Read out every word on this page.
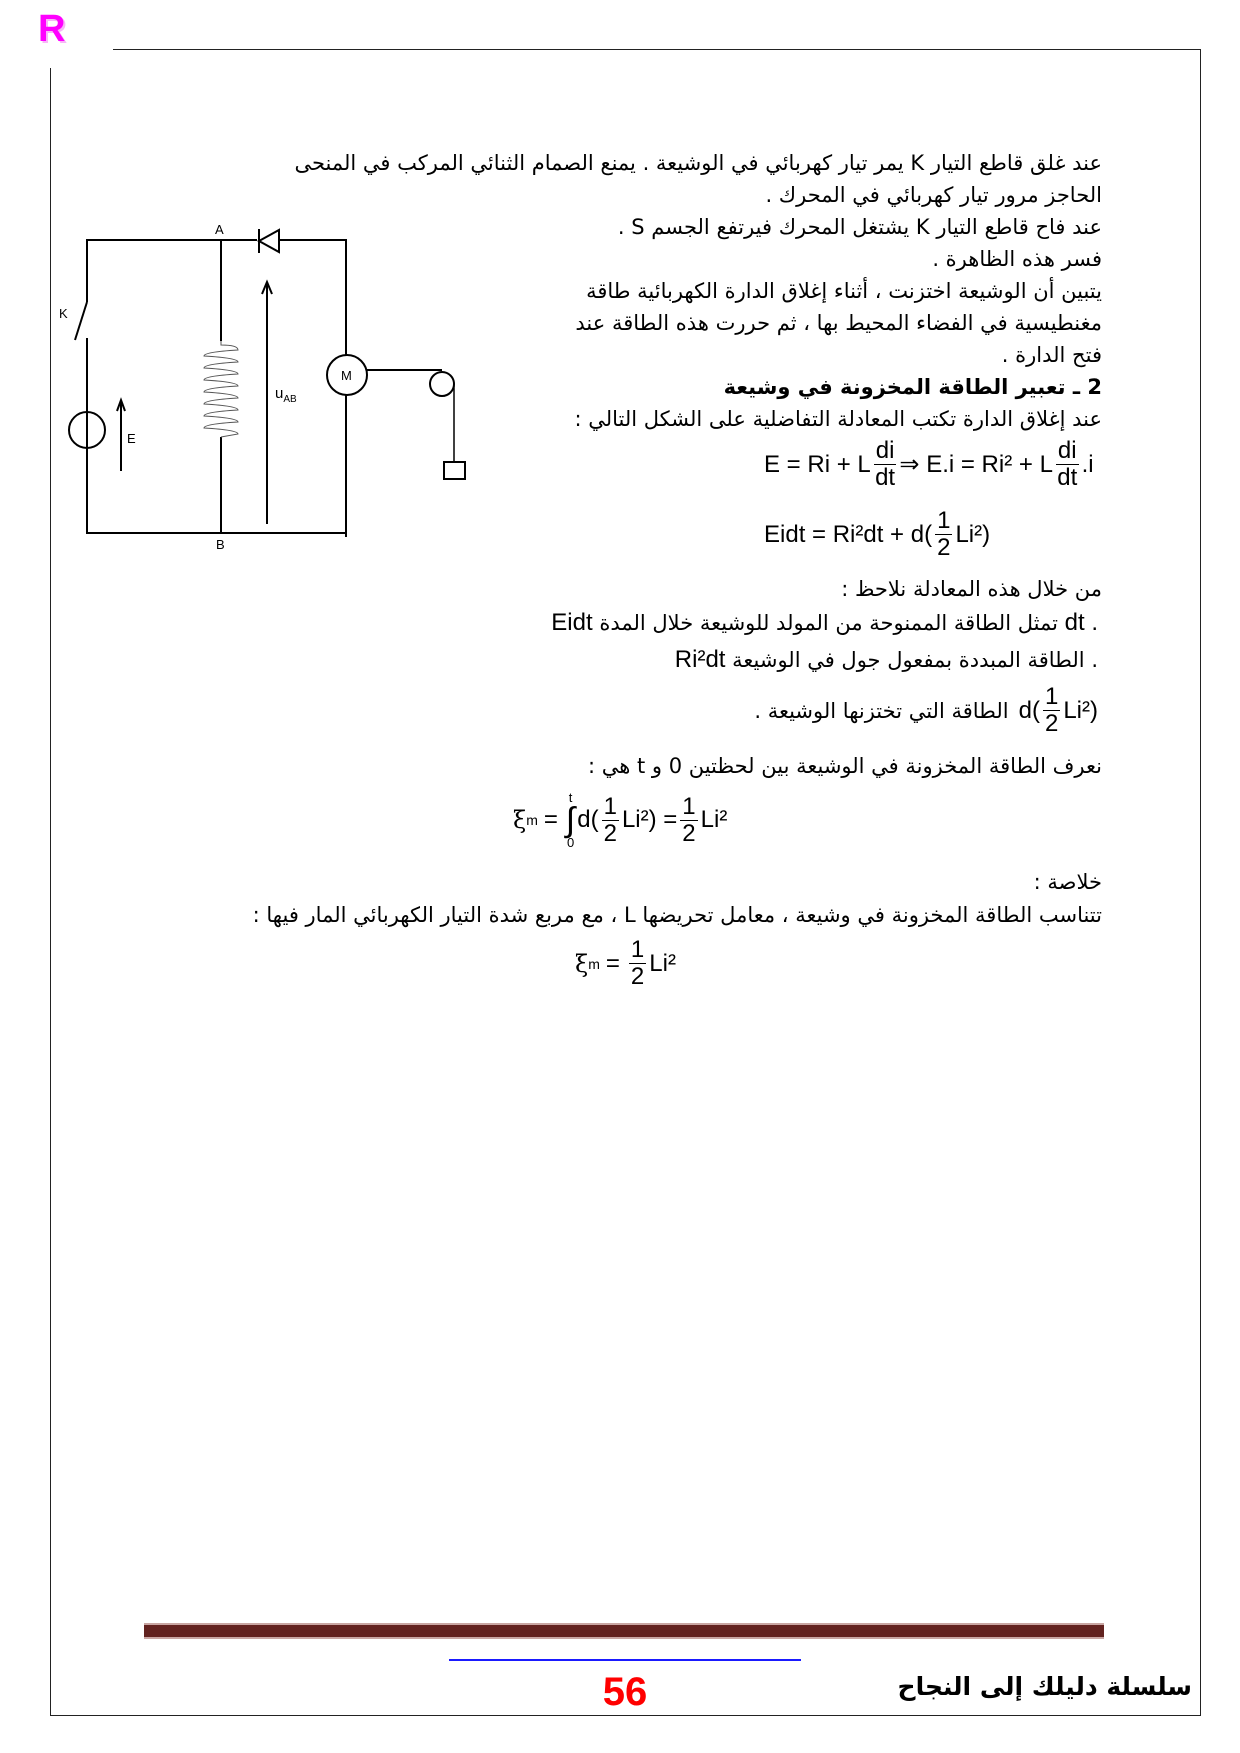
R
A
B
K
E
M
$u_{AB}$
عند غلق قاطع التيار K يمر تيار كهربائي في الوشيعة . يمنع الصمام الثنائي المركب في المنحى
الحاجز مرور تيار كهربائي في المحرك .
عند فاح قاطع التيار K يشتغل المحرك فيرتفع الجسم S .
فسر هذه الظاهرة .
يتبين أن الوشيعة اختزنت ، أثناء إغلاق الدارة الكهربائية طاقة
مغنطيسية في الفضاء المحيط بها ، ثم حررت هذه الطاقة عند
فتح الدارة .
2 ـ تعبير الطاقة المخزونة في وشيعة
عند إغلاق الدارة تكتب المعادلة التفاضلية على الشكل التالي :
E = Ri + L $\frac{di}{dt}$ ⇒ E.i = Ri² + L $\frac{di}{dt} .i$
Eidt = $Ri^2dt + d( \frac{1}{2} Li^2)$
من خلال هذه المعادلة نلاحظ :
Eidt تمثل الطاقة الممنوحة من المولد للوشيعة خلال المدة dt .
Ri²dt الطاقة المبددة بمفعول جول في الوشيعة .
$d( \frac{1}{2} Li^2)$
الطاقة التي تختزنها الوشيعة .
نعرف الطاقة المخزونة في الوشيعة بين لحظتين 0 و t هي :
ξ m =
t
∫
0
$d( \frac{1}{2} Li^2) = \frac{1}{2} Li^2$
خلاصة :
تتناسب الطاقة المخزونة في وشيعة ، معامل تحريضها L ، مع مربع شدة التيار الكهربائي المار فيها :
ξ $m = \frac{1}{2} Li^2$
56	سلسلة دليلك إلى النجاح
